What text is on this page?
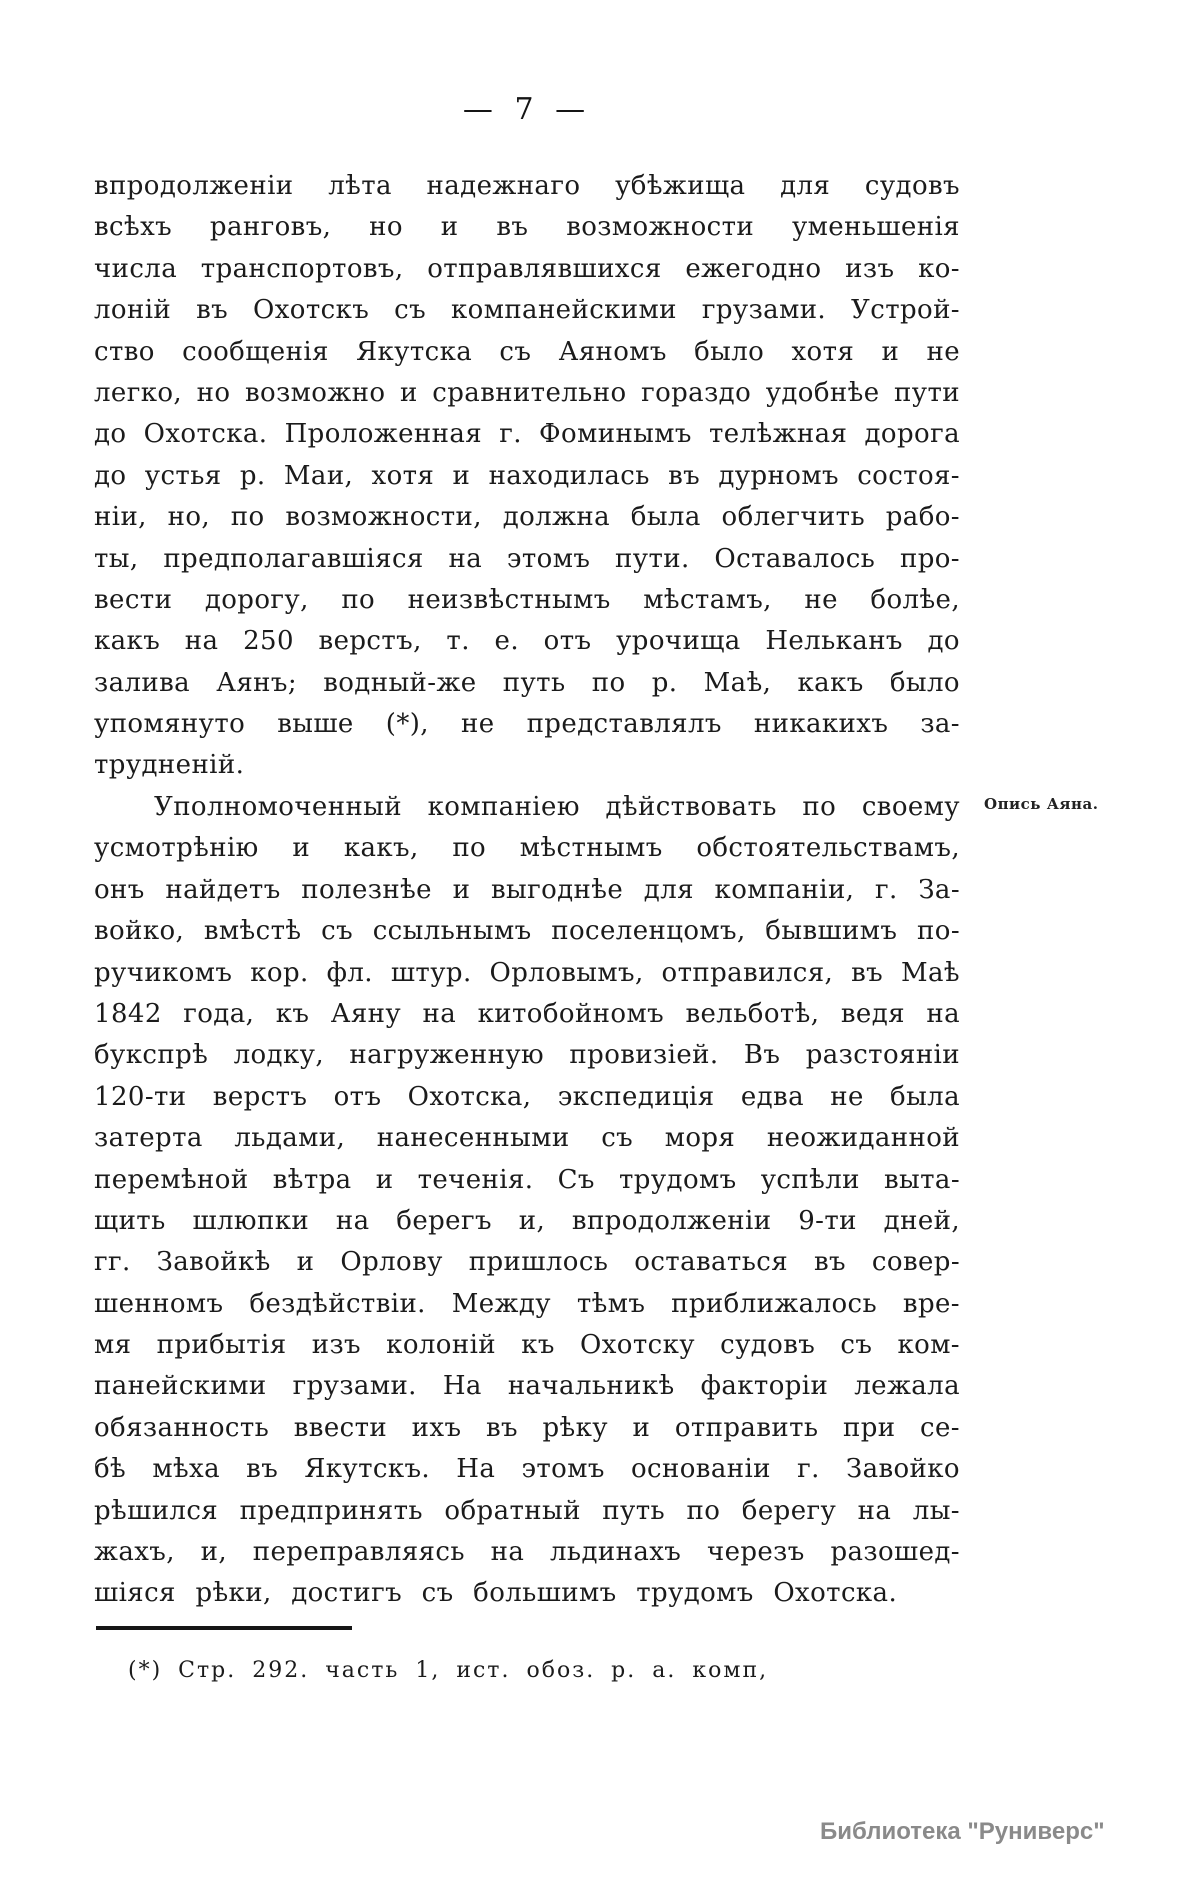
— 7 —
впродолженіи лѣта надежнаго убѣжища для судовъ
всѣхъ ранговъ, но и въ возможности уменьшенія
числа транспортовъ, отправлявшихся ежегодно изъ ко-
лоній въ Охотскъ съ компанейскими грузами. Устрой-
ство сообщенія Якутска съ Аяномъ было хотя и не
легко, но возможно и сравнительно гораздо удобнѣе пути
до Охотска. Проложенная г. Фоминымъ телѣжная дорога
до устья р. Маи, хотя и находилась въ дурномъ состоя-
ніи, но, по возможности, должна была облегчить рабо-
ты, предполагавшіяся на этомъ пути. Оставалось про-
вести дорогу, по неизвѣстнымъ мѣстамъ, не болѣе,
какъ на 250 верстъ, т. е. отъ урочища Нельканъ до
залива Аянъ; водный-же путь по р. Маѣ, какъ было
упомянуто выше (*), не представлялъ никакихъ за-
трудненій.
Уполномоченный компаніею дѣйствовать по своему
усмотрѣнію и какъ, по мѣстнымъ обстоятельствамъ,
онъ найдетъ полезнѣе и выгоднѣе для компаніи, г. За-
войко, вмѣстѣ съ ссыльнымъ поселенцомъ, бывшимъ по-
ручикомъ кор. фл. штур. Орловымъ, отправился, въ Маѣ
1842 года, къ Аяну на китобойномъ вельботѣ, ведя на
букспрѣ лодку, нагруженную провизіей. Въ разстояніи
120-ти верстъ отъ Охотска, экспедиція едва не была
затерта льдами, нанесенными съ моря неожиданной
перемѣной вѣтра и теченія. Съ трудомъ успѣли выта-
щить шлюпки на берегъ и, впродолженіи 9-ти дней,
гг. Завойкѣ и Орлову пришлось оставаться въ совер-
шенномъ бездѣйствіи. Между тѣмъ приближалось вре-
мя прибытія изъ колоній къ Охотску судовъ съ ком-
панейскими грузами. На начальникѣ факторіи лежала
обязанность ввести ихъ въ рѣку и отправить при се-
бѣ мѣха въ Якутскъ. На этомъ основаніи г. Завойко
рѣшился предпринять обратный путь по берегу на лы-
жахъ, и, переправляясь на льдинахъ черезъ разошед-
шіяся рѣки, достигъ съ большимъ трудомъ Охотска.
Опись Аяна.
(*) Стр. 292. часть 1, ист. обоз. р. а. комп,
Библиотека "Руниверс"
